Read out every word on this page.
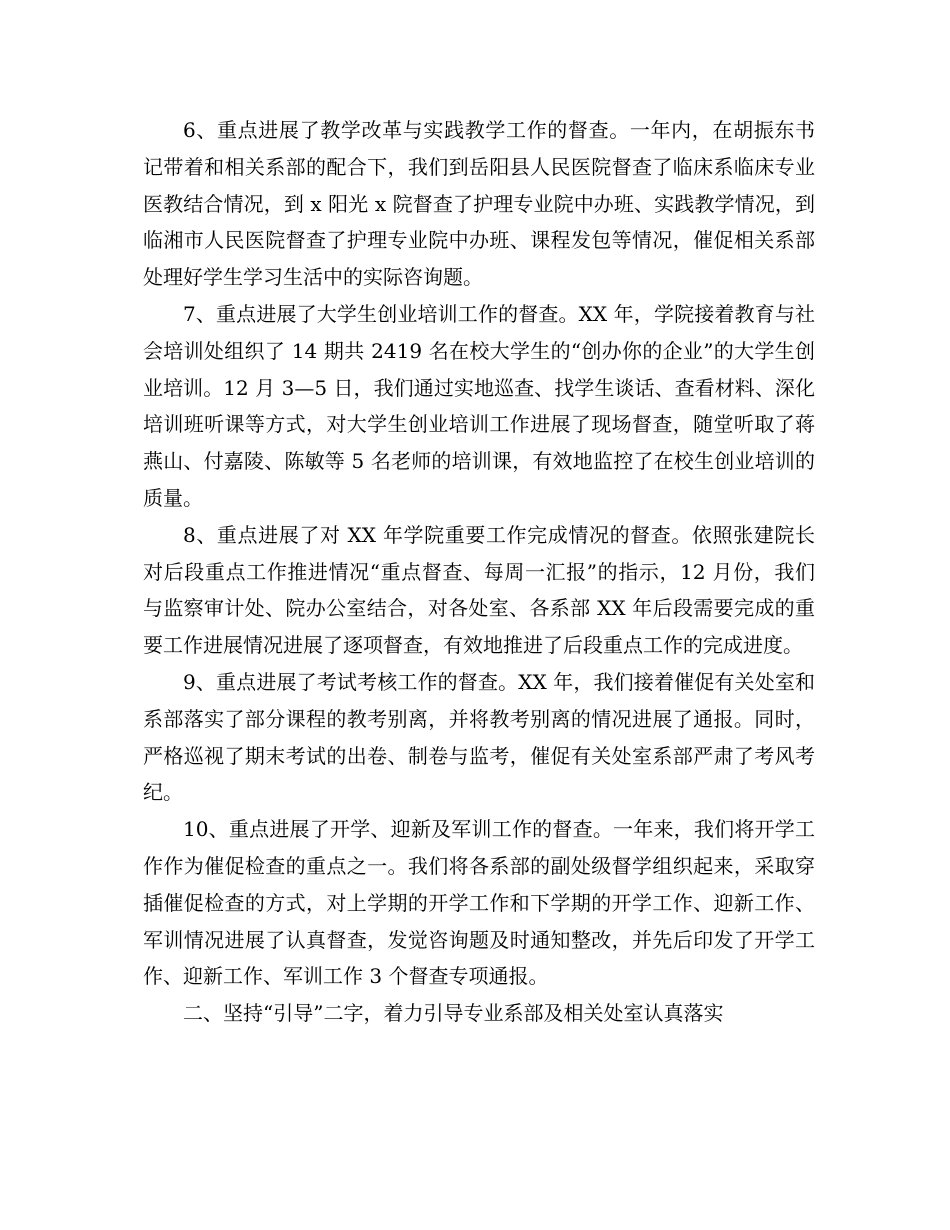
6、重点进展了教学改革与实践教学工作的督查。一年内，在胡振东书记带着和相关系部的配合下，我们到岳阳县人民医院督查了临床系临床专业医教结合情况，到 x 阳光 x 院督查了护理专业院中办班、实践教学情况，到临湘市人民医院督查了护理专业院中办班、课程发包等情况，催促相关系部处理好学生学习生活中的实际咨询题。

7、重点进展了大学生创业培训工作的督查。XX 年，学院接着教育与社会培训处组织了 14 期共 2419 名在校大学生的“创办你的企业”的大学生创业培训。12 月 3—5 日，我们通过实地巡查、找学生谈话、查看材料、深化培训班听课等方式，对大学生创业培训工作进展了现场督查，随堂听取了蒋燕山、付嘉陵、陈敏等 5 名老师的培训课，有效地监控了在校生创业培训的质量。

8、重点进展了对 XX 年学院重要工作完成情况的督查。依照张建院长对后段重点工作推进情况“重点督查、每周一汇报”的指示，12 月份，我们与监察审计处、院办公室结合，对各处室、各系部 XX 年后段需要完成的重要工作进展情况进展了逐项督查，有效地推进了后段重点工作的完成进度。

9、重点进展了考试考核工作的督查。XX 年，我们接着催促有关处室和系部落实了部分课程的教考别离，并将教考别离的情况进展了通报。同时，严格巡视了期末考试的出卷、制卷与监考，催促有关处室系部严肃了考风考纪。

10、重点进展了开学、迎新及军训工作的督查。一年来，我们将开学工作作为催促检查的重点之一。我们将各系部的副处级督学组织起来，采取穿插催促检查的方式，对上学期的开学工作和下学期的开学工作、迎新工作、军训情况进展了认真督查，发觉咨询题及时通知整改，并先后印发了开学工作、迎新工作、军训工作 3 个督查专项通报。

二、坚持“引导”二字，着力引导专业系部及相关处室认真落实
